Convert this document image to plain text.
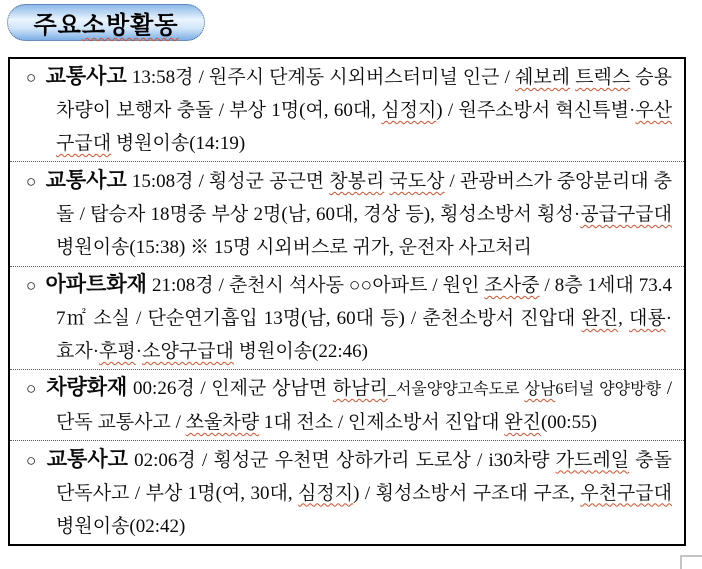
주요 소방활동

○ 교통사고 13:58경 / 원주시 단계동 시외버스터미널 인근 / 쉐보레 트렉스 승용차량이 보행자 충돌 / 부상 1명(여, 60대, 심정지) / 원주소방서 혁신특별·우산구급대 병원이송(14:19)

○ 교통사고 15:08경 / 횡성군 공근면 창봉리 국도상 / 관광버스가 중앙분리대 충돌 / 탑승자 18명중 부상 2명(남, 60대, 경상 등), 횡성소방서 횡성·공급구급대 병원이송(15:38) ※ 15명 시외버스로 귀가, 운전자 사고처리

○ 아파트화재 21:08경 / 춘천시 석사동 ○○아파트 / 원인 조사중 / 8층 1세대 73.47㎡ 소실 / 단순연기흡입 13명(남, 60대 등) / 춘천소방서 진압대 완진, 대룡·효자·후평·소양구급대 병원이송(22:46)

○ 차량화재 00:26경 / 인제군 상남면 하남리_서울양양고속도로 상남6터널 양양방향 / 단독 교통사고 / 쏘울차량 1대 전소 / 인제소방서 진압대 완진(00:55)

○ 교통사고 02:06경 / 횡성군 우천면 상하가리 도로상 / i30차량 가드레일 충돌 단독사고 / 부상 1명(여, 30대, 심정지) / 횡성소방서 구조대 구조, 우천구급대 병원이송(02:42)
